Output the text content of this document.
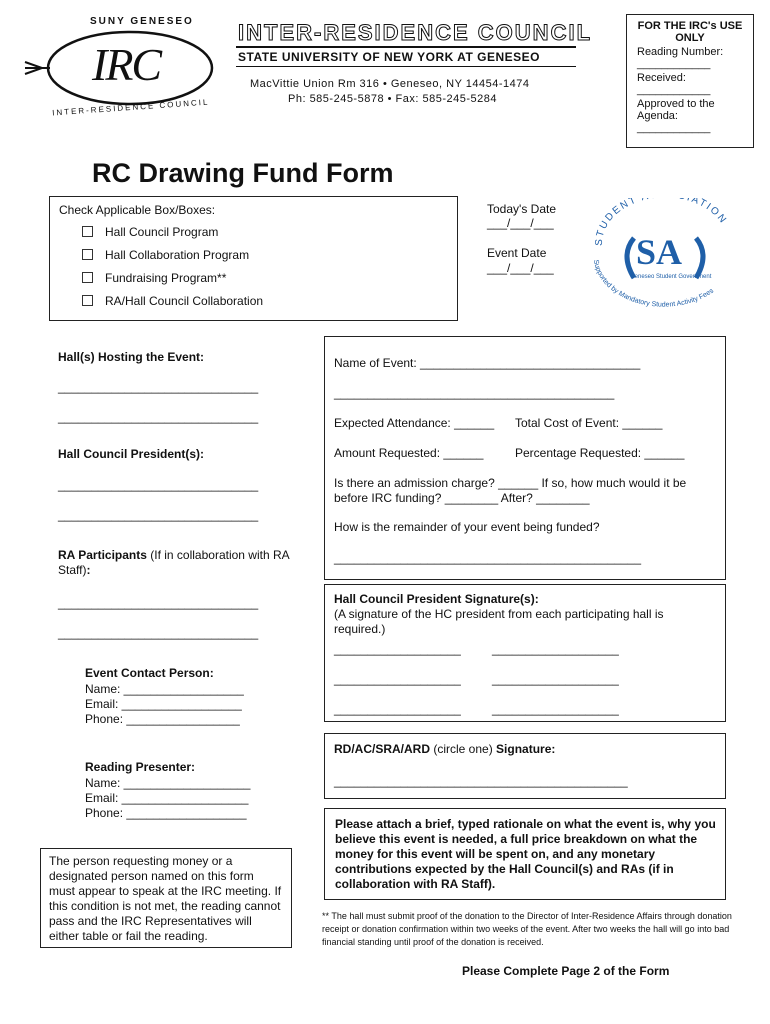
SUNY GENESEO
IRC
INTER-RESIDENCE COUNCIL
INTER-RESIDENCE COUNCIL
STATE UNIVERSITY OF NEW YORK AT GENESEO
MacVittie Union Rm 316 • Geneseo, NY 14454-1474
Ph: 585-245-5878 • Fax: 585-245-5284
FOR THE IRC's USE ONLY
Reading Number:
____________
Received:
____________
Approved to the Agenda:
____________
RC Drawing Fund Form
Check Applicable Box/Boxes:
Hall Council Program
Hall Collaboration Program
Fundraising Program**
RA/Hall Council Collaboration
Today's Date
___/___/___
Event Date
___/___/___
STUDENT IATION
Supported by Mandatory Student Activity Fees
SA
Geneseo Student Government
Hall(s) Hosting the Event:
______________________________
______________________________
Hall Council President(s):
______________________________
______________________________
RA Participants (If in collaboration with RA Staff):
______________________________
______________________________
Event Contact Person:
Name: __________________
Email: __________________
Phone: _________________
Reading Presenter:
Name: ___________________
Email: ___________________
Phone: __________________
The person requesting money or a designated person named on this form must appear to speak at the IRC meeting. If this condition is not met, the reading cannot pass and the IRC Representatives will either table or fail the reading.
Name of Event: _________________________________
__________________________________________
Expected Attendance: ______ Total Cost of Event: ______
Amount Requested: ______	Percentage Requested: ______
Is there an admission charge? ______ If so, how much would it be
before IRC funding? ________ After? ________
How is the remainder of your event being funded?
______________________________________________
Hall Council President Signature(s):
(A signature of the HC president from each participating hall is required.)
___________________	___________________
___________________	___________________
___________________	___________________
RD/AC/SRA/ARD (circle one) Signature:
____________________________________________
Please attach a brief, typed rationale on what the event is, why you believe this event is needed, a full price breakdown on what the money for this event will be spent on, and any monetary contributions expected by the Hall Council(s) and RAs (if in collaboration with RA Staff).
** The hall must submit proof of the donation to the Director of Inter-Residence Affairs through donation receipt or donation confirmation within two weeks of the event. After two weeks the hall will go into bad financial standing until proof of the donation is received.
Please Complete Page 2 of the Form
